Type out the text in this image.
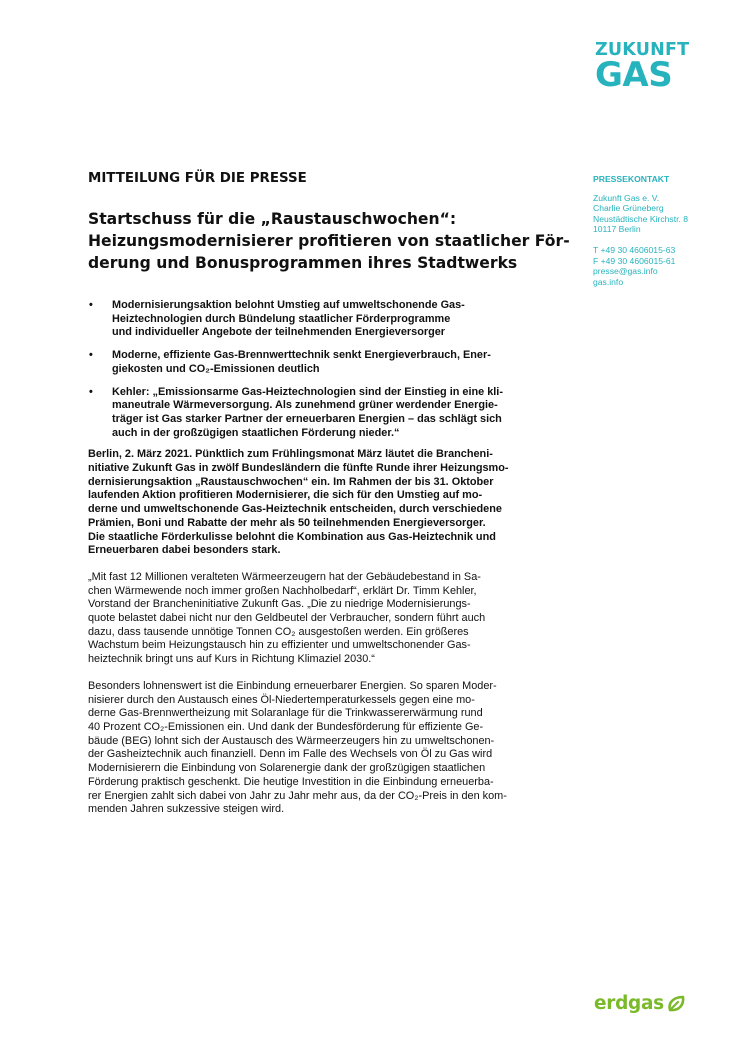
ZUKUNFT
GAS
PRESSEKONTAKT
Zukunft Gas e. V.
Charlie Grüneberg
Neustädtische Kirchstr. 8
10117 Berlin
T +49 30 4606015-63
F +49 30 4606015-61
presse@gas.info
gas.info
MITTEILUNG FÜR DIE PRESSE
Startschuss für die „Raustauschwochen“:
Heizungsmodernisierer profitieren von staatlicher För-
derung und Bonusprogrammen ihres Stadtwerks
• Modernisierungsaktion belohnt Umstieg auf umweltschonende Gas-
Heiztechnologien durch Bündelung staatlicher Förderprogramme
und individueller Angebote der teilnehmenden Energieversorger
• Moderne, effiziente Gas-Brennwerttechnik senkt Energieverbrauch, Ener-
giekosten und CO₂-Emissionen deutlich
• Kehler: „Emissionsarme Gas-Heiztechnologien sind der Einstieg in eine kli-
maneutrale Wärmeversorgung. Als zunehmend grüner werdender Energie-
träger ist Gas starker Partner der erneuerbaren Energien – das schlägt sich
auch in der großzügigen staatlichen Förderung nieder.“
Berlin, 2. März 2021. Pünktlich zum Frühlingsmonat März läutet die Brancheni-
nitiative Zukunft Gas in zwölf Bundesländern die fünfte Runde ihrer Heizungsmo-
dernisierungsaktion „Raustauschwochen“ ein. Im Rahmen der bis 31. Oktober
laufenden Aktion profitieren Modernisierer, die sich für den Umstieg auf mo-
derne und umweltschonende Gas-Heiztechnik entscheiden, durch verschiedene
Prämien, Boni und Rabatte der mehr als 50 teilnehmenden Energieversorger.
Die staatliche Förderkulisse belohnt die Kombination aus Gas-Heiztechnik und
Erneuerbaren dabei besonders stark.
„Mit fast 12 Millionen veralteten Wärmeerzeugern hat der Gebäudebestand in Sa-
chen Wärmewende noch immer großen Nachholbedarf“, erklärt Dr. Timm Kehler,
Vorstand der Brancheninitiative Zukunft Gas. „Die zu niedrige Modernisierungs-
quote belastet dabei nicht nur den Geldbeutel der Verbraucher, sondern führt auch
dazu, dass tausende unnötige Tonnen CO₂ ausgestoßen werden. Ein größeres
Wachstum beim Heizungstausch hin zu effizienter und umweltschonender Gas-
heiztechnik bringt uns auf Kurs in Richtung Klimaziel 2030.“
Besonders lohnenswert ist die Einbindung erneuerbarer Energien. So sparen Moder-
nisierer durch den Austausch eines Öl-Niedertemperaturkessels gegen eine mo-
derne Gas-Brennwertheizung mit Solaranlage für die Trinkwassererwärmung rund
40 Prozent CO₂-Emissionen ein. Und dank der Bundesförderung für effiziente Ge-
bäude (BEG) lohnt sich der Austausch des Wärmeerzeugers hin zu umweltschonen-
der Gasheiztechnik auch finanziell. Denn im Falle des Wechsels von Öl zu Gas wird
Modernisierern die Einbindung von Solarenergie dank der großzügigen staatlichen
Förderung praktisch geschenkt. Die heutige Investition in die Einbindung erneuerba-
rer Energien zahlt sich dabei von Jahr zu Jahr mehr aus, da der CO₂-Preis in den kom-
menden Jahren sukzessive steigen wird.
erdgas
